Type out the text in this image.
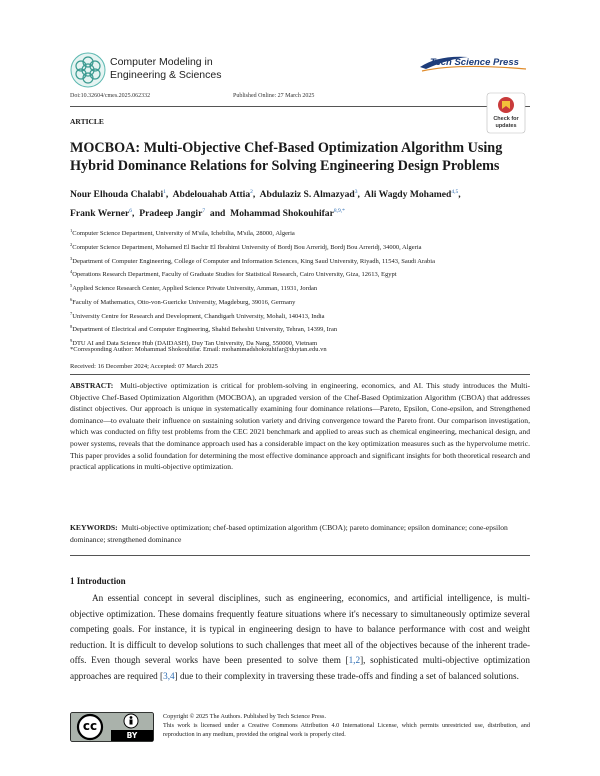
Computer Modeling in
Engineering & Sciences
Tech Science Press
Doi:10.32604/cmes.2025.062332	Published Online: 27 March 2025
ARTICLE	Check for
updates
MOCBOA: Multi-Objective Chef-Based Optimization Algorithm Using Hybrid Dominance Relations for Solving Engineering Design Problems
Nour Elhouda Chalabi$^1$,  Abdelouahab Attia$^2$,  Abdulaziz S. Almazyad$^3$,  Ali Wagdy Mohamed$^{4,5}$,
Frank Werner$^6$,  Pradeep Jangir$^7$  and  Mohammad Shokouhifar$^{8,9,*}$
$^1$Computer Science Department, University of M'sila, Ichebilia, M'sila, 28000, Algeria
$^2$Computer Science Department, Mohamed El Bachir El Ibrahimi University of Bordj Bou Arreridj, Bordj Bou Arreridj, 34000, Algeria
$^3$Department of Computer Engineering, College of Computer and Information Sciences, King Saud University, Riyadh, 11543, Saudi Arabia
$^4$Operations Research Department, Faculty of Graduate Studies for Statistical Research, Cairo University, Giza, 12613, Egypt
$^5$Applied Science Research Center, Applied Science Private University, Amman, 11931, Jordan
$^6$Faculty of Mathematics, Otto-von-Guericke University, Magdeburg, 39016, Germany
$^7$University Centre for Research and Development, Chandigarh University, Mohali, 140413, India
$^8$Department of Electrical and Computer Engineering, Shahid Beheshti University, Tehran, 14399, Iran
$^9$DTU AI and Data Science Hub (DAIDASH), Duy Tan University, Da Nang, 550000, Vietnam
*Corresponding Author: Mohammad Shokouhifar. Email: mohammadshokouhifar@duytan.edu.vn
Received: 16 December 2024; Accepted: 07 March 2025
ABSTRACT: Multi-objective optimization is critical for problem-solving in engineering, economics, and AI. This study introduces the Multi-Objective Chef-Based Optimization Algorithm (MOCBOA), an upgraded version of the Chef-Based Optimization Algorithm (CBOA) that addresses distinct objectives. Our approach is unique in systematically examining four dominance relations—Pareto, Epsilon, Cone-epsilon, and Strengthened dominance—to evaluate their influence on sustaining solution variety and driving convergence toward the Pareto front. Our comparison investigation, which was conducted on fifty test problems from the CEC 2021 benchmark and applied to areas such as chemical engineering, mechanical design, and power systems, reveals that the dominance approach used has a considerable impact on the key optimization measures such as the hypervolume metric. This paper provides a solid foundation for determining the most effective dominance approach and significant insights for both theoretical research and practical applications in multi-objective optimization.
KEYWORDS: Multi-objective optimization; chef-based optimization algorithm (CBOA); pareto dominance; epsilon dominance; cone-epsilon dominance; strengthened dominance
1 Introduction
An essential concept in several disciplines, such as engineering, economics, and artificial intelligence, is multi-objective optimization. These domains frequently feature situations where it's necessary to simultaneously optimize several competing goals. For instance, it is typical in engineering design to have to balance performance with cost and weight reduction. It is difficult to develop solutions to such challenges that meet all of the objectives because of the inherent trade-offs. Even though several works have been presented to solve them [1,2], sophisticated multi-objective optimization approaches are required [3,4] due to their complexity in traversing these trade-offs and finding a set of balanced solutions.
cc
BY
Copyright © 2025 The Authors. Published by Tech Science Press.
This work is licensed under a Creative Commons Attribution 4.0 International License, which permits unrestricted use, distribution, and reproduction in any medium, provided the original work is properly cited.
